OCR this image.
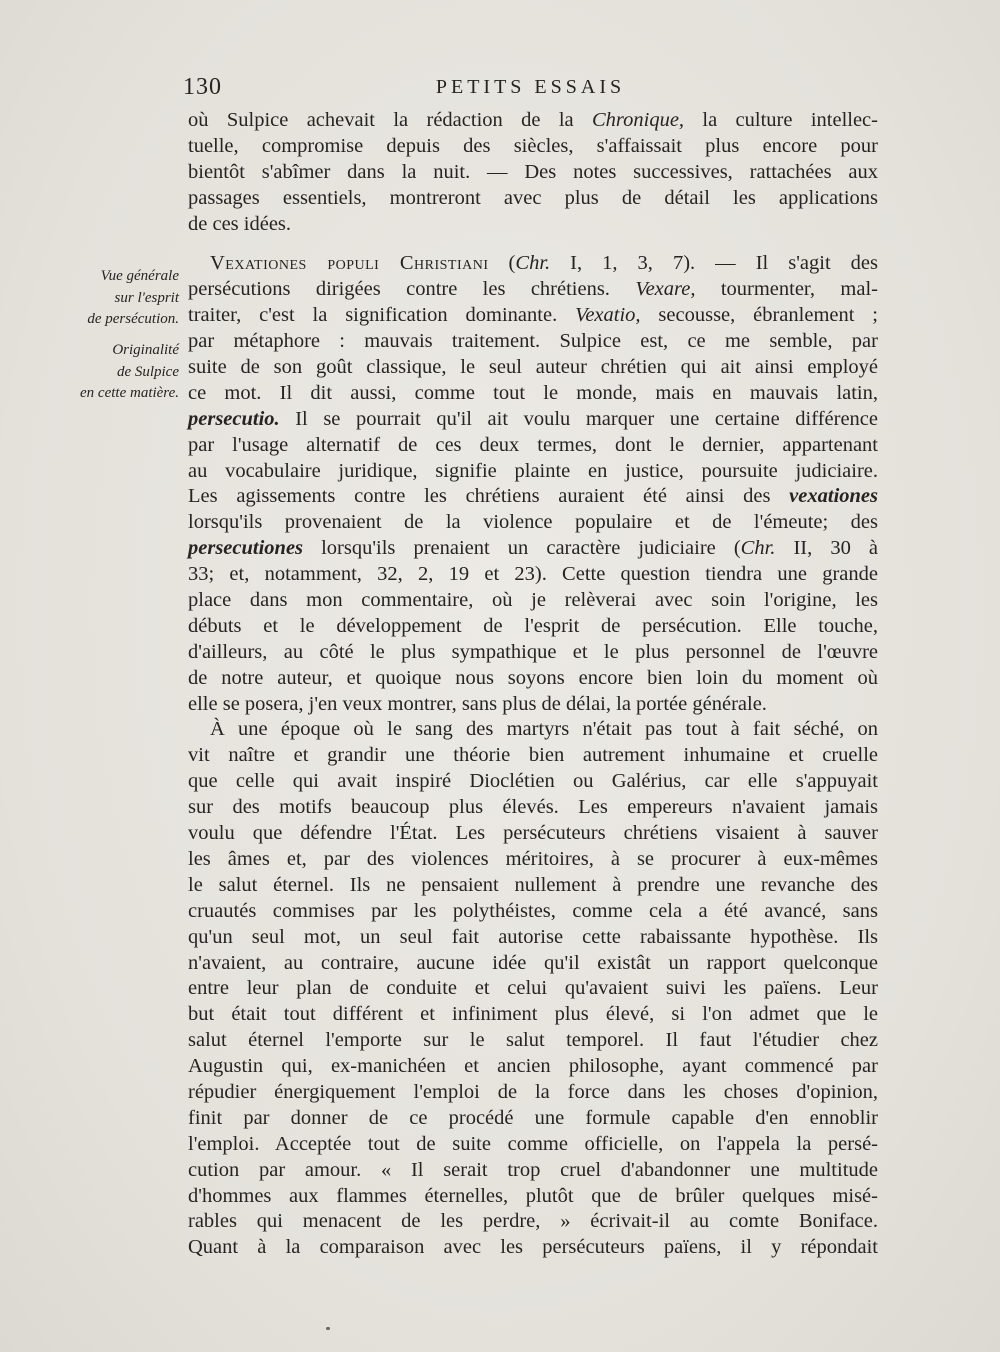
130	PETITS ESSAIS
Vue générale
sur l'esprit
de persécution.
Originalité
de Sulpice
en cette matière.
où Sulpice achevait la rédaction de la Chronique, la culture intellec-
tuelle, compromise depuis des siècles, s'affaissait plus encore pour
bientôt s'abîmer dans la nuit. — Des notes successives, rattachées aux
passages essentiels, montreront avec plus de détail les applications
de ces idées.
Vexationes populi Christiani (Chr. I, 1, 3, 7). — Il s'agit des
persécutions dirigées contre les chrétiens. Vexare, tourmenter, mal-
traiter, c'est la signification dominante. Vexatio, secousse, ébranlement ;
par métaphore : mauvais traitement. Sulpice est, ce me semble, par
suite de son goût classique, le seul auteur chrétien qui ait ainsi employé
ce mot. Il dit aussi, comme tout le monde, mais en mauvais latin,
persecutio. Il se pourrait qu'il ait voulu marquer une certaine différence
par l'usage alternatif de ces deux termes, dont le dernier, appartenant
au vocabulaire juridique, signifie plainte en justice, poursuite judiciaire.
Les agissements contre les chrétiens auraient été ainsi des vexationes
lorsqu'ils provenaient de la violence populaire et de l'émeute; des
persecutiones lorsqu'ils prenaient un caractère judiciaire (Chr. II, 30 à
33; et, notamment, 32, 2, 19 et 23). Cette question tiendra une grande
place dans mon commentaire, où je relèverai avec soin l'origine, les
débuts et le développement de l'esprit de persécution. Elle touche,
d'ailleurs, au côté le plus sympathique et le plus personnel de l'œuvre
de notre auteur, et quoique nous soyons encore bien loin du moment où
elle se posera, j'en veux montrer, sans plus de délai, la portée générale.
À une époque où le sang des martyrs n'était pas tout à fait séché, on
vit naître et grandir une théorie bien autrement inhumaine et cruelle
que celle qui avait inspiré Dioclétien ou Galérius, car elle s'appuyait
sur des motifs beaucoup plus élevés. Les empereurs n'avaient jamais
voulu que défendre l'État. Les persécuteurs chrétiens visaient à sauver
les âmes et, par des violences méritoires, à se procurer à eux-mêmes
le salut éternel. Ils ne pensaient nullement à prendre une revanche des
cruautés commises par les polythéistes, comme cela a été avancé, sans
qu'un seul mot, un seul fait autorise cette rabaissante hypothèse. Ils
n'avaient, au contraire, aucune idée qu'il existât un rapport quelconque
entre leur plan de conduite et celui qu'avaient suivi les païens. Leur
but était tout différent et infiniment plus élevé, si l'on admet que le
salut éternel l'emporte sur le salut temporel. Il faut l'étudier chez
Augustin qui, ex-manichéen et ancien philosophe, ayant commencé par
répudier énergiquement l'emploi de la force dans les choses d'opinion,
finit par donner de ce procédé une formule capable d'en ennoblir
l'emploi. Acceptée tout de suite comme officielle, on l'appela la persé-
cution par amour. « Il serait trop cruel d'abandonner une multitude
d'hommes aux flammes éternelles, plutôt que de brûler quelques misé-
rables qui menacent de les perdre, » écrivait-il au comte Boniface.
Quant à la comparaison avec les persécuteurs païens, il y répondait
